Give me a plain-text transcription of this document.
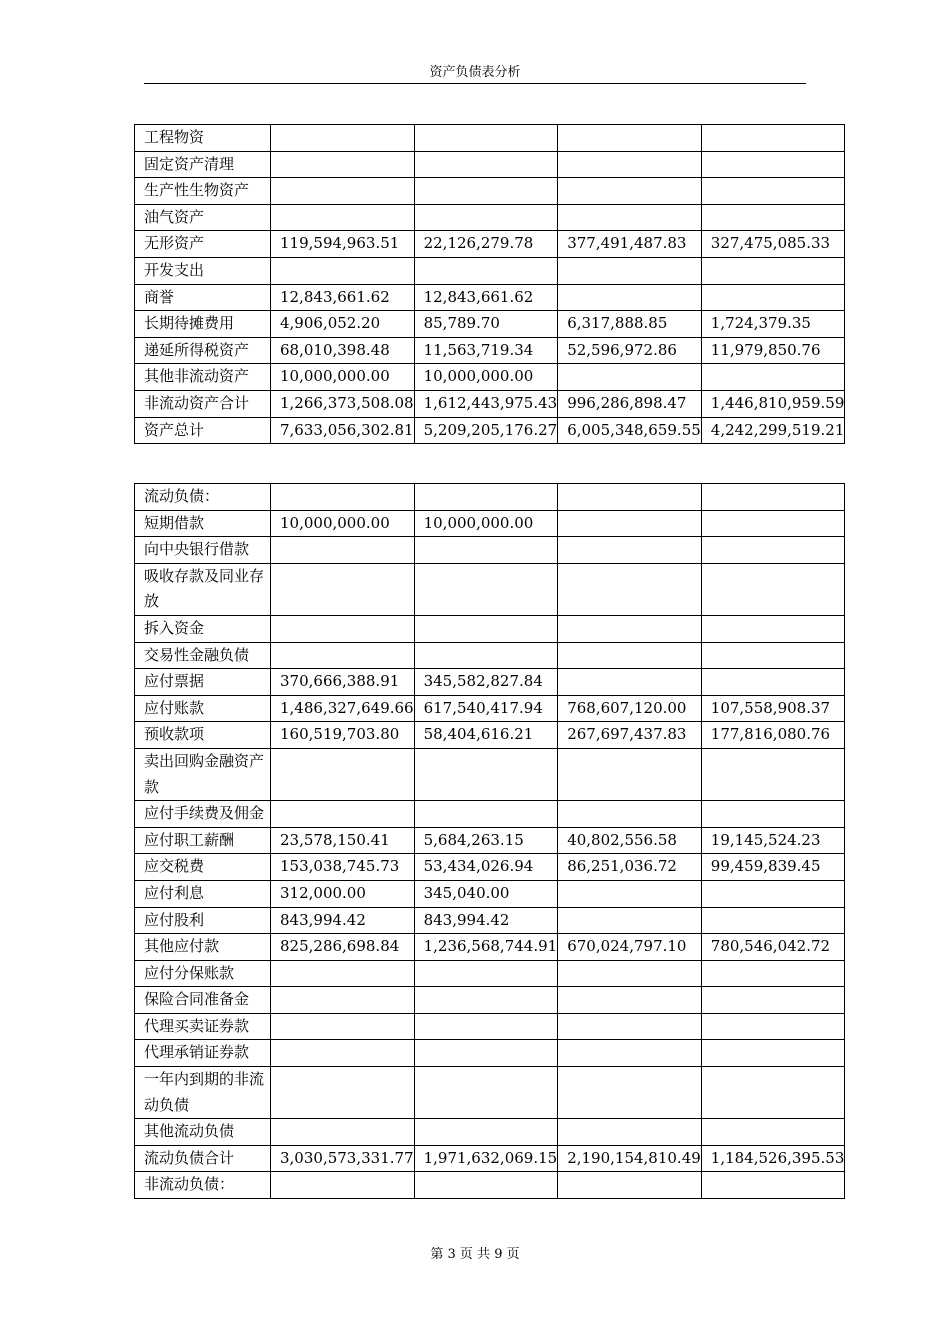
资产负债表分析
工程物资				
固定资产清理				
生产性生物资产				
油气资产				
无形资产	119,594,963.51	22,126,279.78	377,491,487.83	327,475,085.33
开发支出				
商誉	12,843,661.62	12,843,661.62		
长期待摊费用	4,906,052.20	85,789.70	6,317,888.85	1,724,379.35
递延所得税资产	68,010,398.48	11,563,719.34	52,596,972.86	11,979,850.76
其他非流动资产	10,000,000.00	10,000,000.00		
非流动资产合计	1,266,373,508.08	1,612,443,975.43	996,286,898.47	1,446,810,959.59
资产总计	7,633,056,302.81	5,209,205,176.27	6,005,348,659.55	4,242,299,519.21
流动负债：				
短期借款	10,000,000.00	10,000,000.00		
向中央银行借款				
吸收存款及同业存放				
拆入资金				
交易性金融负债				
应付票据	370,666,388.91	345,582,827.84		
应付账款	1,486,327,649.66	617,540,417.94	768,607,120.00	107,558,908.37
预收款项	160,519,703.80	58,404,616.21	267,697,437.83	177,816,080.76
卖出回购金融资产款				
应付手续费及佣金				
应付职工薪酬	23,578,150.41	5,684,263.15	40,802,556.58	19,145,524.23
应交税费	153,038,745.73	53,434,026.94	86,251,036.72	99,459,839.45
应付利息	312,000.00	345,040.00		
应付股利	843,994.42	843,994.42		
其他应付款	825,286,698.84	1,236,568,744.91	670,024,797.10	780,546,042.72
应付分保账款				
保险合同准备金				
代理买卖证券款				
代理承销证券款				
一年内到期的非流动负债				
其他流动负债				
流动负债合计	3,030,573,331.77	1,971,632,069.15	2,190,154,810.49	1,184,526,395.53
非流动负债：				
第 3 页 共 9 页
